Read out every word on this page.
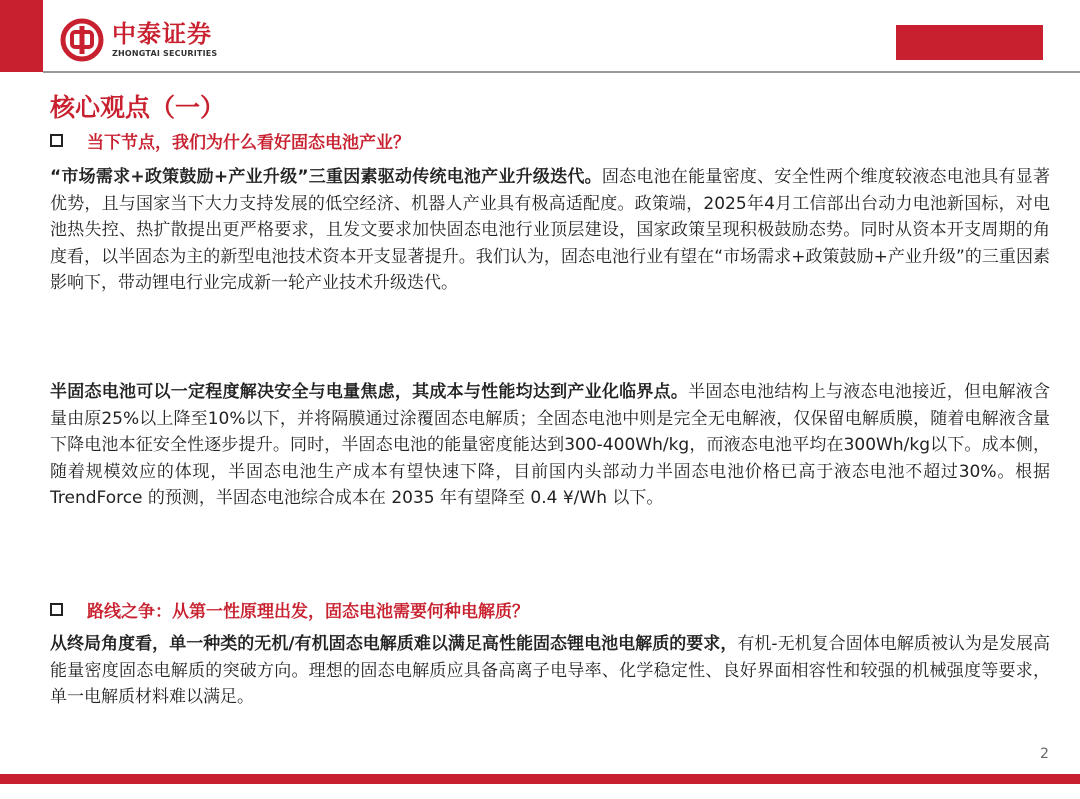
中泰证券
ZHONGTAI SECURITIES
核心观点（一）
当下节点，我们为什么看好固态电池产业？
“市场需求+政策鼓励+产业升级”三重因素驱动传统电池产业升级迭代。固态电池在能量密度、安全性两个维度较液态电池具有显著优势，且与国家当下大力支持发展的低空经济、机器人产业具有极高适配度。政策端，2025年4月工信部出台动力电池新国标，对电池热失控、热扩散提出更严格要求，且发文要求加快固态电池行业顶层建设，国家政策呈现积极鼓励态势。同时从资本开支周期的角度看，以半固态为主的新型电池技术资本开支显著提升。我们认为，固态电池行业有望在“市场需求+政策鼓励+产业升级”的三重因素影响下，带动锂电行业完成新一轮产业技术升级迭代。
半固态电池可以一定程度解决安全与电量焦虑，其成本与性能均达到产业化临界点。半固态电池结构上与液态电池接近，但电解液含量由原25%以上降至10%以下，并将隔膜通过涂覆固态电解质；全固态电池中则是完全无电解液，仅保留电解质膜，随着电解液含量下降电池本征安全性逐步提升。同时，半固态电池的能量密度能达到300-400Wh/kg，而液态电池平均在300Wh/kg以下。成本侧，随着规模效应的体现，半固态电池生产成本有望快速下降，目前国内头部动力半固态电池价格已高于液态电池不超过30%。根据TrendForce 的预测，半固态电池综合成本在 2035 年有望降至 0.4 ¥/Wh 以下。
路线之争：从第一性原理出发，固态电池需要何种电解质？
从终局角度看，单一种类的无机/有机固态电解质难以满足高性能固态锂电池电解质的要求，有机-无机复合固体电解质被认为是发展高能量密度固态电解质的突破方向。理想的固态电解质应具备高离子电导率、化学稳定性、良好界面相容性和较强的机械强度等要求，单一电解质材料难以满足。
2
